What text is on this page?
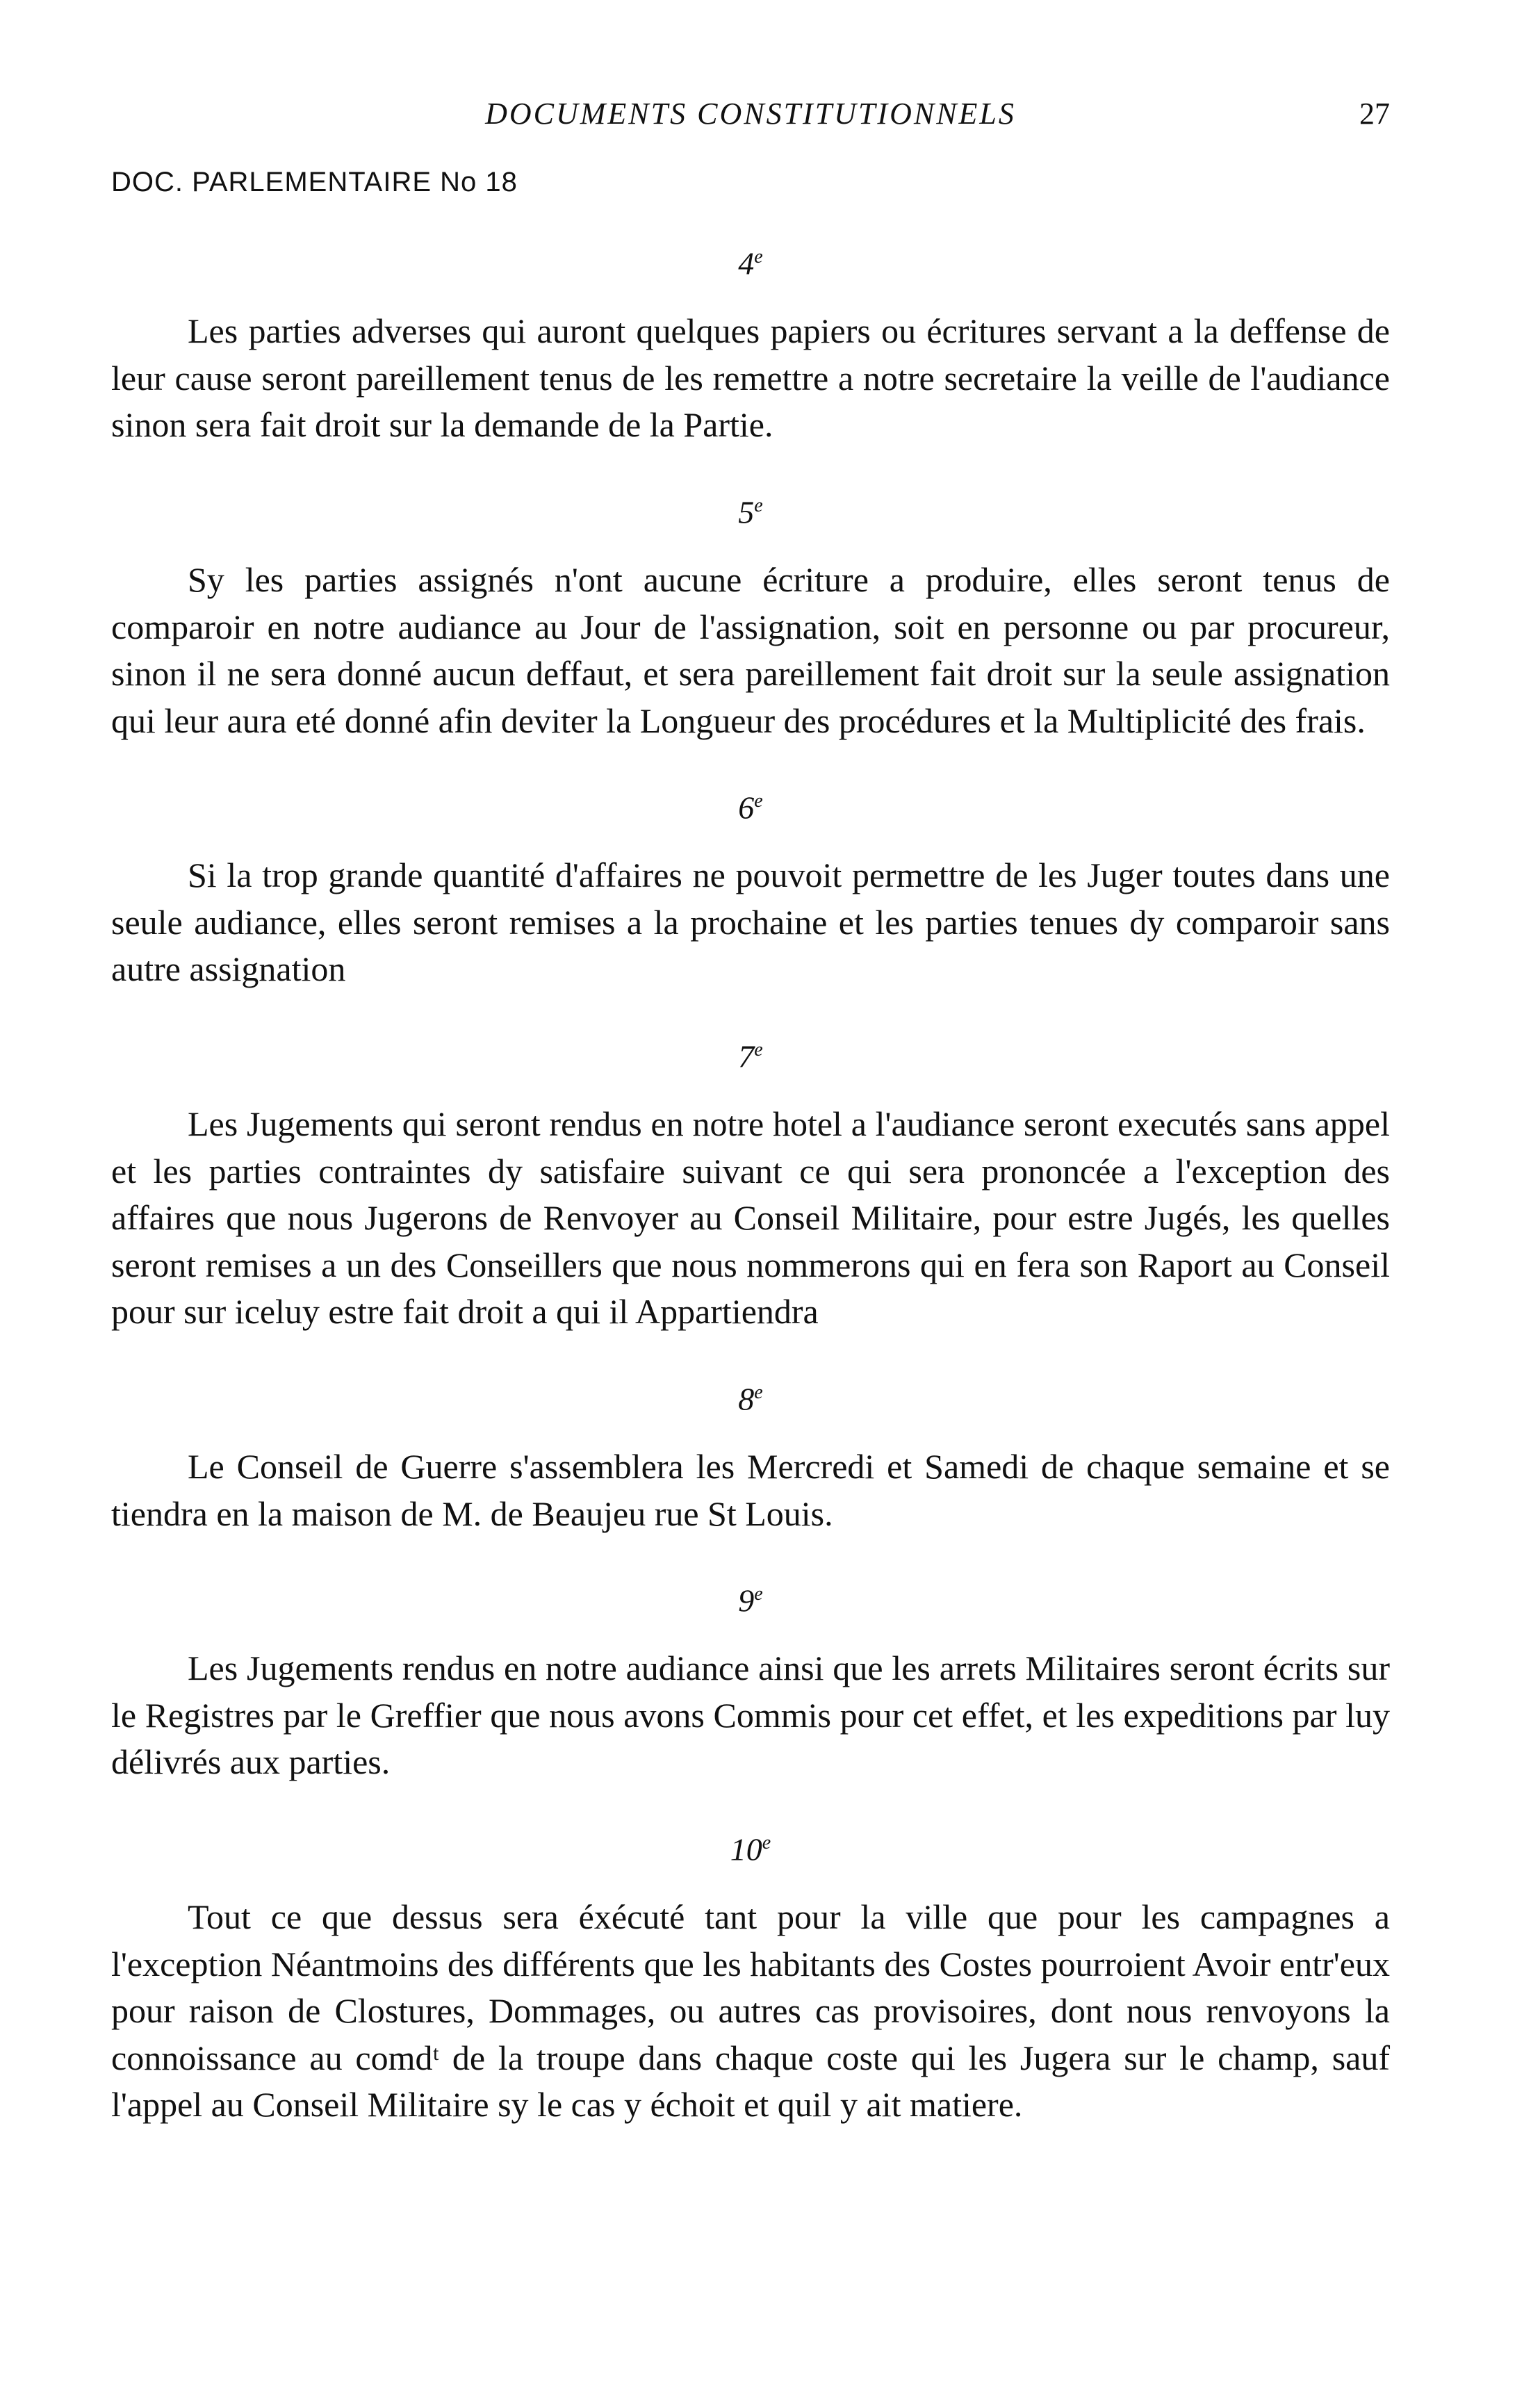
DOCUMENTS CONSTITUTIONNELS	27
DOC. PARLEMENTAIRE No 18
4e

Les parties adverses qui auront quelques papiers ou écritures servant a la deffense de leur cause seront pareillement tenus de les remettre a notre secretaire la veille de l'audiance sinon sera fait droit sur la demande de la Partie.

5e

Sy les parties assignés n'ont aucune écriture a produire, elles seront tenus de comparoir en notre audiance au Jour de l'assignation, soit en personne ou par procureur, sinon il ne sera donné aucun deffaut, et sera pareillement fait droit sur la seule assignation qui leur aura eté donné afin deviter la Longueur des procédures et la Multiplicité des frais.

6e

Si la trop grande quantité d'affaires ne pouvoit permettre de les Juger toutes dans une seule audiance, elles seront remises a la prochaine et les parties tenues dy comparoir sans autre assignation

7e

Les Jugements qui seront rendus en notre hotel a l'audiance seront executés sans appel et les parties contraintes dy satisfaire suivant ce qui sera prononcée a l'exception des affaires que nous Jugerons de Renvoyer au Conseil Militaire, pour estre Jugés, les quelles seront remises a un des Conseillers que nous nommerons qui en fera son Raport au Conseil pour sur iceluy estre fait droit a qui il Appartiendra

8e

Le Conseil de Guerre s'assemblera les Mercredi et Samedi de chaque semaine et se tiendra en la maison de M. de Beaujeu rue St Louis.

9e

Les Jugements rendus en notre audiance ainsi que les arrets Militaires seront écrits sur le Registres par le Greffier que nous avons Commis pour cet effet, et les expeditions par luy délivrés aux parties.

10e

Tout ce que dessus sera éxécuté tant pour la ville que pour les campagnes a l'exception Néantmoins des différents que les habitants des Costes pourroient Avoir entr'eux pour raison de Clostures, Dommages, ou autres cas provisoires, dont nous renvoyons la connoissance au comdᵗ de la troupe dans chaque coste qui les Jugera sur le champ, sauf l'appel au Conseil Militaire sy le cas y échoit et quil y ait matiere.
